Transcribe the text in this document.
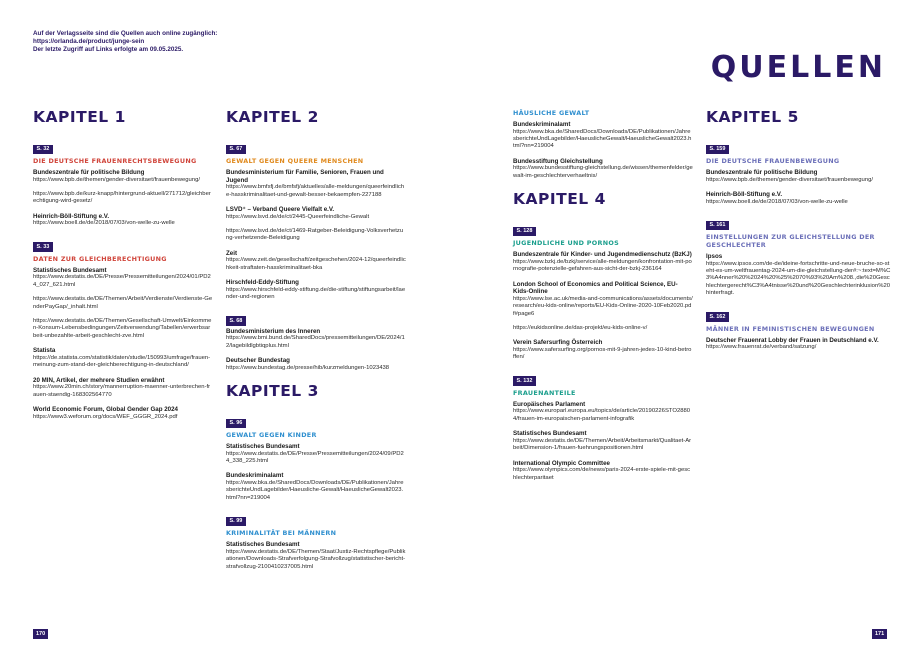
Auf der Verlagsseite sind die Quellen auch online zugänglich:
https://orlanda.de/product/junge-sein
Der letzte Zugriff auf Links erfolgte am 09.05.2025.
QUELLEN
KAPITEL 1
S. 32
DIE DEUTSCHE FRAUENRECHTSBEWEGUNG
Bundeszentrale für politische Bildung
https://www.bpb.de/themen/gender-diversitaet/frauenbewegung/
https://www.bpb.de/kurz-knapp/hintergrund-aktuell/271712/gleichberechtigung-wird-gesetz/
Heinrich-Böll-Stiftung e.V.
https://www.boell.de/de/2018/07/03/von-welle-zu-welle
S. 33
DATEN ZUR GLEICHBERECHTIGUNG
Statistisches Bundesamt
https://www.destatis.de/DE/Presse/Pressemitteilungen/2024/01/PD24_027_621.html
https://www.destatis.de/DE/Themen/Arbeit/Verdienste/Verdienste-GenderPayGap/_inhalt.html
https://www.destatis.de/DE/Themen/Gesellschaft-Umwelt/Einkommen-Konsum-Lebensbedingungen/Zeitverwendung/Tabellen/erwerbsarbeit-unbezahlte-arbeit-geschlecht-zve.html
Statista
https://de.statista.com/statistik/daten/studie/150993/umfrage/frauen-meinung-zum-stand-der-gleichberechtigung-in-deutschland/
20 MIN, Artikel, der mehrere Studien erwähnt
https://www.20min.ch/story/mannerruption-maenner-unterbrechen-frauen-staendig-168302564770
World Economic Forum, Global Gender Gap 2024
https://www3.weforum.org/docs/WEF_GGGR_2024.pdf
KAPITEL 2
S. 67
GEWALT GEGEN QUEERE MENSCHEN
Bundesministerium für Familie, Senioren, Frauen und Jugend
https://www.bmfsfj.de/bmfsfj/aktuelles/alle-meldungen/queerfeindliche-hasskriminalitaet-und-gewalt-besser-bekaempfen-227188
LSVD⁺ – Verband Queere Vielfalt e.V.
https://www.lsvd.de/de/ct/2445-Queerfeindliche-Gewalt
https://www.lsvd.de/de/ct/1469-Ratgeber-Beleidigung-Volksverhetzung-verhetzende-Beleidigung
Zeit
https://www.zeit.de/gesellschaft/zeitgeschehen/2024-12/queerfeindlichkeit-straftaten-hasskriminalitaet-bka
Hirschfeld-Eddy-Stiftung
https://www.hirschfeld-eddy-stiftung.de/die-stiftung/stiftungsarbeit/laender-und-regionen
S. 68
Bundesministerium des Inneren
https://www.bmi.bund.de/SharedDocs/pressemitteilungen/DE/2024/12/lagebildlgbtiqplus.html
Deutscher Bundestag
https://www.bundestag.de/presse/hib/kurzmeldungen-1023438
KAPITEL 3
S. 96
GEWALT GEGEN KINDER
Statistisches Bundesamt
https://www.destatis.de/DE/Presse/Pressemitteilungen/2024/09/PD24_338_225.html
Bundeskriminalamt
https://www.bka.de/SharedDocs/Downloads/DE/Publikationen/JahresberichteUndLagebilder/Haeusliche-Gewalt/HaeuslicheGewalt2023.html?nn=219004
S. 99
KRIMINALITÄT BEI MÄNNERN
Statistisches Bundesamt
https://www.destatis.de/DE/Themen/Staat/Justiz-Rechtspflege/Publikationen/Downloads-Strafverfolgung-Strafvollzug/statistischer-bericht-strafvollzug-2100410237005.html
HÄUSLICHE GEWALT
Bundeskriminalamt
https://www.bka.de/SharedDocs/Downloads/DE/Publikationen/JahresberichteUndLagebilder/HaeuslicheGewalt/HaeuslicheGewalt2023.html?nn=219004
Bundesstiftung Gleichstellung
https://www.bundesstiftung-gleichstellung.de/wissen/themenfelder/gewalt-im-geschlechterverhaeltnis/
KAPITEL 4
S. 128
JUGENDLICHE UND PORNOS
Bundeszentrale für Kinder- und Jugendmedienschutz (BzKJ)
https://www.bzkj.de/bzkj/service/alle-meldungen/konfrontation-mit-pornografie-potenzielle-gefahren-aus-sicht-der-bzkj-236164
London School of Economics and Political Science, EU-Kids-Online
https://www.lse.ac.uk/media-and-communications/assets/documents/research/eu-kids-online/reports/EU-Kids-Online-2020-10Feb2020.pdf#page6
https://eukidsonline.de/das-projekt/eu-kids-online-v/
Verein Safersurfing Österreich
https://www.safersurfing.org/pornos-mit-9-jahren-jedes-10-kind-betroffen/
S. 132
FRAUENANTEILE
Europäisches Parlament
https://www.europarl.europa.eu/topics/de/article/20190226STO28804/frauen-im-europaischen-parlament-infografik
Statistisches Bundesamt
https://www.destatis.de/DE/Themen/Arbeit/Arbeitsmarkt/Qualitaet-Arbeit/Dimension-1/frauen-fuehrungspositionen.html
International Olympic Committee
https://www.olympics.com/de/news/paris-2024-erste-spiele-mit-geschlechterparitaet
KAPITEL 5
S. 159
DIE DEUTSCHE FRAUENBEWEGUNG
Bundeszentrale für politische Bildung
https://www.bpb.de/themen/gender-diversitaet/frauenbewegung/
Heinrich-Böll-Stiftung e.V.
https://www.boell.de/de/2018/07/03/von-welle-zu-welle
S. 161
EINSTELLUNGEN ZUR GLEICHSTELLUNG DER GESCHLECHTER
Ipsos
https://www.ipsos.com/de-de/ideine-fortschritte-und-neue-bruche-so-steht-es-um-weltfrauentag-2024-um-die-gleichstellung-der#:~:text=M%C3%A4nner%20%2024%20%25%2070%93%20Am%208.,die%20Geschlechtergerecht%C3%A4tnisse%20und%20Geschlechterinklusion%20hinterfragt.
S. 162
MÄNNER IN FEMINISTISCHEN BEWEGUNGEN
Deutscher Frauenrat Lobby der Frauen in Deutschland e.V.
https://www.frauenrat.de/verband/satzung/
170	171
